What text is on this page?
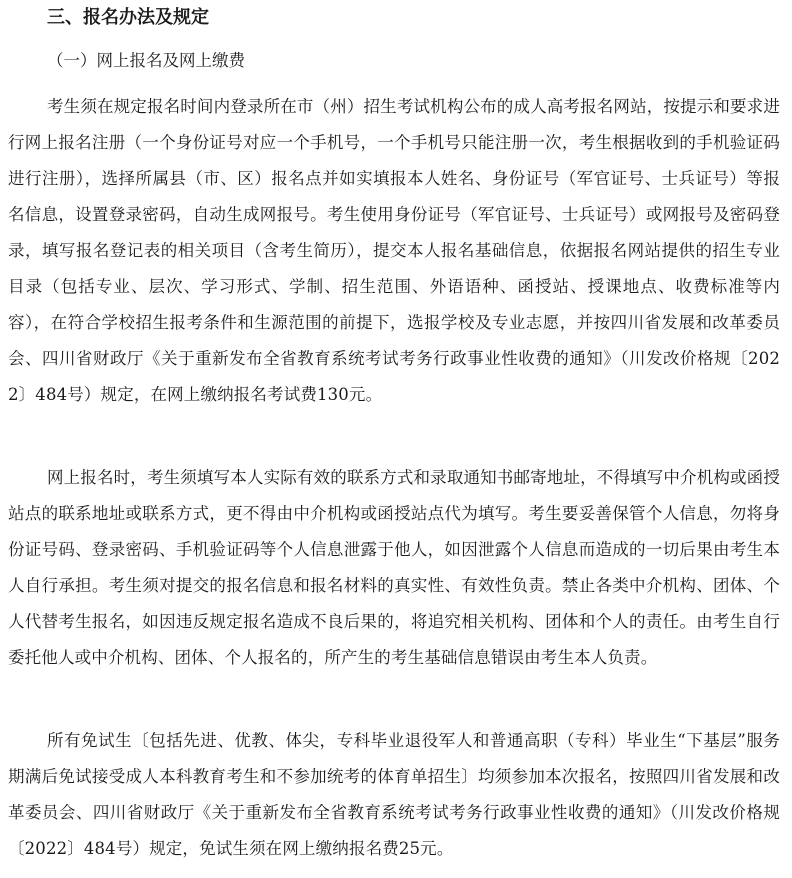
三、报名办法及规定
（一）网上报名及网上缴费

考生须在规定报名时间内登录所在市（州）招生考试机构公布的成人高考报名网站，按提示和要求进行网上报名注册（一个身份证号对应一个手机号，一个手机号只能注册一次，考生根据收到的手机验证码进行注册），选择所属县（市、区）报名点并如实填报本人姓名、身份证号（军官证号、士兵证号）等报名信息，设置登录密码，自动生成网报号。考生使用身份证号（军官证号、士兵证号）或网报号及密码登录，填写报名登记表的相关项目（含考生简历），提交本人报名基础信息，依据报名网站提供的招生专业目录（包括专业、层次、学习形式、学制、招生范围、外语语种、函授站、授课地点、收费标准等内容），在符合学校招生报考条件和生源范围的前提下，选报学校及专业志愿，并按四川省发展和改革委员会、四川省财政厅《关于重新发布全省教育系统考试考务行政事业性收费的通知》（川发改价格规〔2022〕484号）规定，在网上缴纳报名考试费130元。

网上报名时，考生须填写本人实际有效的联系方式和录取通知书邮寄地址，不得填写中介机构或函授站点的联系地址或联系方式，更不得由中介机构或函授站点代为填写。考生要妥善保管个人信息，勿将身份证号码、登录密码、手机验证码等个人信息泄露于他人，如因泄露个人信息而造成的一切后果由考生本人自行承担。考生须对提交的报名信息和报名材料的真实性、有效性负责。禁止各类中介机构、团体、个人代替考生报名，如因违反规定报名造成不良后果的，将追究相关机构、团体和个人的责任。由考生自行委托他人或中介机构、团体、个人报名的，所产生的考生基础信息错误由考生本人负责。

所有免试生〔包括先进、优教、体尖，专科毕业退役军人和普通高职（专科）毕业生“下基层”服务期满后免试接受成人本科教育考生和不参加统考的体育单招生〕均须参加本次报名，按照四川省发展和改革委员会、四川省财政厅《关于重新发布全省教育系统考试考务行政事业性收费的通知》（川发改价格规〔2022〕484号）规定，免试生须在网上缴纳报名费25元。
